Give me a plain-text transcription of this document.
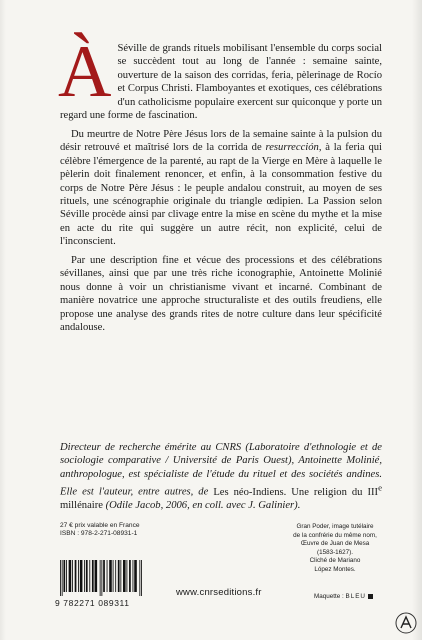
À Séville de grands rituels mobilisant l'ensemble du corps social se succèdent tout au long de l'année : semaine sainte, ouverture de la saison des corridas, feria, pèlerinage de Rocío et Corpus Christi. Flamboyantes et exotiques, ces célébrations d'un catholicisme populaire exercent sur quiconque y porte un regard une forme de fascination.

Du meurtre de Notre Père Jésus lors de la semaine sainte à la pulsion du désir retrouvé et maîtrisé lors de la corrida de resurrección, à la feria qui célèbre l'émergence de la parenté, au rapt de la Vierge en Mère à laquelle le pèlerin doit finalement renoncer, et enfin, à la consommation festive du corps de Notre Père Jésus : le peuple andalou construit, au moyen de ses rituels, une scénographie originale du triangle œdipien. La Passion selon Séville procède ainsi par clivage entre la mise en scène du mythe et la mise en acte du rite qui suggère un autre récit, non explicité, celui de l'inconscient.

Par une description fine et vécue des processions et des célébrations sévillanes, ainsi que par une très riche iconographie, Antoinette Molinié nous donne à voir un christianisme vivant et incarné. Combinant de manière novatrice une approche structuraliste et des outils freudiens, elle propose une analyse des grands rites de notre culture dans leur spécificité andalouse.

Directeur de recherche émérite au CNRS (Laboratoire d'ethnologie et de sociologie comparative / Université de Paris Ouest), Antoinette Molinié, anthropologue, est spécialiste de l'étude du rituel et des sociétés andines. Elle est l'auteur, entre autres, de Les néo-Indiens. Une religion du IIIe millénaire (Odile Jacob, 2006, en coll. avec J. Galinier).
27 € prix valable en France
ISBN : 978-2-271-08931-1
9 782271 089311
www.cnrseditions.fr
Gran Poder, image tutélaire
de la confrérie du même nom,
Œuvre de Juan de Mesa
(1583-1627).
Cliché de Mariano
López Montes.
Maquette : BLEU
